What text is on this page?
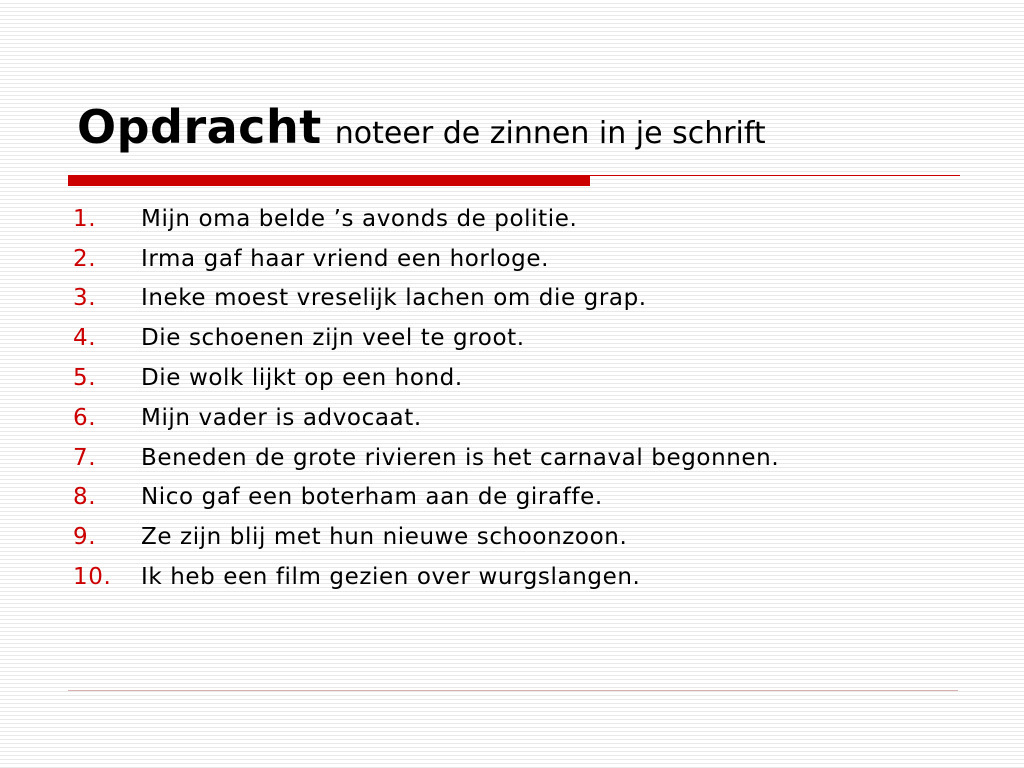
Opdracht noteer de zinnen in je schrift
1.	Mijn oma belde ’s avonds de politie.
2.	Irma gaf haar vriend een horloge.
3.	Ineke moest vreselijk lachen om die grap.
4.	Die schoenen zijn veel te groot.
5.	Die wolk lijkt op een hond.
6.	Mijn vader is advocaat.
7.	Beneden de grote rivieren is het carnaval begonnen.
8.	Nico gaf een boterham aan de giraffe.
9.	Ze zijn blij met hun nieuwe schoonzoon.
10.	Ik heb een film gezien over wurgslangen.
